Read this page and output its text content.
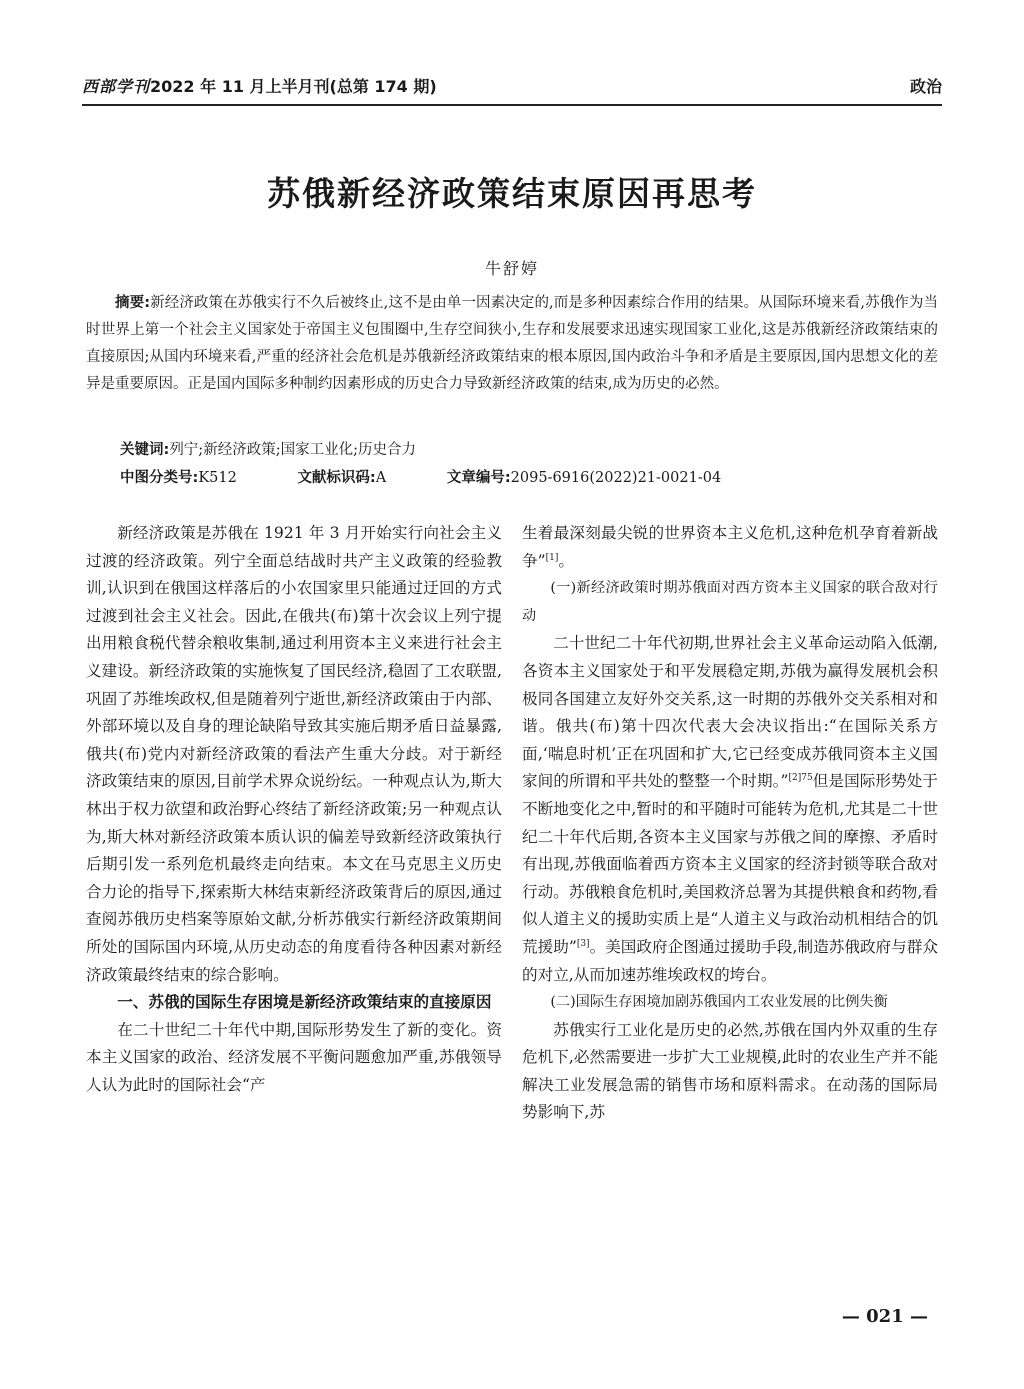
西部学刊2022 年 11 月上半月刊(总第 174 期)	政治
苏俄新经济政策结束原因再思考
牛舒婷
摘要:新经济政策在苏俄实行不久后被终止,这不是由单一因素决定的,而是多种因素综合作用的结果。从国际环境来看,苏俄作为当时世界上第一个社会主义国家处于帝国主义包围圈中,生存空间狭小,生存和发展要求迅速实现国家工业化,这是苏俄新经济政策结束的直接原因;从国内环境来看,严重的经济社会危机是苏俄新经济政策结束的根本原因,国内政治斗争和矛盾是主要原因,国内思想文化的差异是重要原因。正是国内国际多种制约因素形成的历史合力导致新经济政策的结束,成为历史的必然。
关键词:列宁;新经济政策;国家工业化;历史合力
中图分类号:K512	文献标识码:A	文章编号:2095-6916(2022)21-0021-04

新经济政策是苏俄在 1921 年 3 月开始实行向社会主义过渡的经济政策。列宁全面总结战时共产主义政策的经验教训,认识到在俄国这样落后的小农国家里只能通过迂回的方式过渡到社会主义社会。因此,在俄共(布)第十次会议上列宁提出用粮食税代替余粮收集制,通过利用资本主义来进行社会主义建设。新经济政策的实施恢复了国民经济,稳固了工农联盟,巩固了苏维埃政权,但是随着列宁逝世,新经济政策由于内部、外部环境以及自身的理论缺陷导致其实施后期矛盾日益暴露,俄共(布)党内对新经济政策的看法产生重大分歧。对于新经济政策结束的原因,目前学术界众说纷纭。一种观点认为,斯大林出于权力欲望和政治野心终结了新经济政策;另一种观点认为,斯大林对新经济政策本质认识的偏差导致新经济政策执行后期引发一系列危机最终走向结束。本文在马克思主义历史合力论的指导下,探索斯大林结束新经济政策背后的原因,通过查阅苏俄历史档案等原始文献,分析苏俄实行新经济政策期间所处的国际国内环境,从历史动态的角度看待各种因素对新经济政策最终结束的综合影响。

一、苏俄的国际生存困境是新经济政策结束的直接原因

在二十世纪二十年代中期,国际形势发生了新的变化。资本主义国家的政治、经济发展不平衡问题愈加严重,苏俄领导人认为此时的国际社会“产

生着最深刻最尖锐的世界资本主义危机,这种危机孕育着新战争”[1]。

(一)新经济政策时期苏俄面对西方资本主义国家的联合敌对行动

二十世纪二十年代初期,世界社会主义革命运动陷入低潮,各资本主义国家处于和平发展稳定期,苏俄为赢得发展机会积极同各国建立友好外交关系,这一时期的苏俄外交关系相对和谐。俄共(布)第十四次代表大会决议指出:“在国际关系方面,‘喘息时机’正在巩固和扩大,它已经变成苏俄同资本主义国家间的所谓和平共处的整整一个时期。”$^{[2]75}$但是国际形势处于不断地变化之中,暂时的和平随时可能转为危机,尤其是二十世纪二十年代后期,各资本主义国家与苏俄之间的摩擦、矛盾时有出现,苏俄面临着西方资本主义国家的经济封锁等联合敌对行动。苏俄粮食危机时,美国救济总署为其提供粮食和药物,看似人道主义的援助实质上是“人道主义与政治动机相结合的饥荒援助”[3]。美国政府企图通过援助手段,制造苏俄政府与群众的对立,从而加速苏维埃政权的垮台。

(二)国际生存困境加剧苏俄国内工农业发展的比例失衡

苏俄实行工业化是历史的必然,苏俄在国内外双重的生存危机下,必然需要进一步扩大工业规模,此时的农业生产并不能解决工业发展急需的销售市场和原料需求。在动荡的国际局势影响下,苏

— 021 —
